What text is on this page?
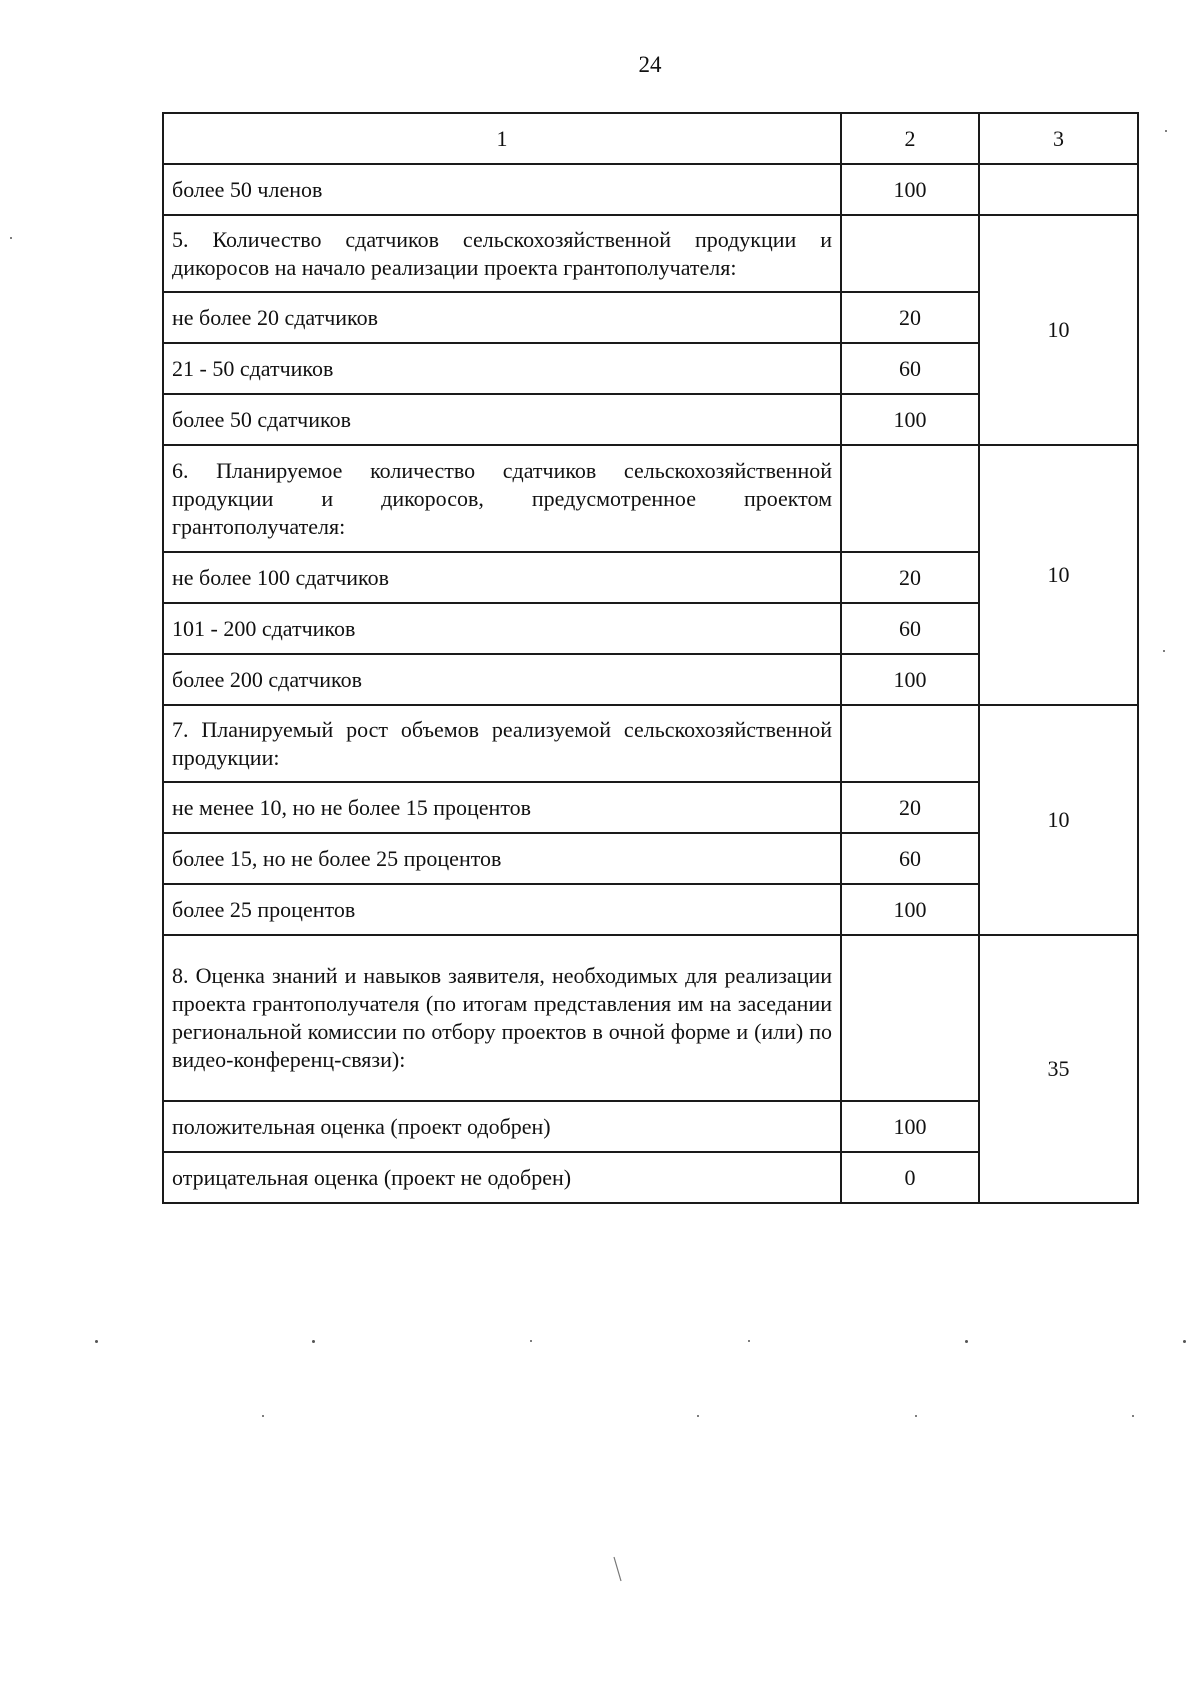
24
1	2	3
более 50 членов	100	
5. Количество сдатчиков сельскохозяйственной продукции и дикоросов на начало реализации проекта грантополучателя:		10
не более 20 сдатчиков	20	
21 - 50 сдатчиков	60	
более 50 сдатчиков	100	
6. Планируемое количество сдатчиков сельскохозяйственной продукции и дикоросов, предусмотренное проектом грантополучателя:		10
не более 100 сдатчиков	20	
101 - 200 сдатчиков	60	
более 200 сдатчиков	100	
7. Планируемый рост объемов реализуемой сельскохозяйственной продукции:		10
не менее 10, но не более 15 процентов	20	
более 15, но не более 25 процентов	60	
более 25 процентов	100	
8. Оценка знаний и навыков заявителя, необходимых для реализации проекта грантополучателя (по итогам представления им на заседании региональной комиссии по отбору проектов в очной форме и (или) по видео-конференц-связи):		35
положительная оценка (проект одобрен)	100	
отрицательная оценка (проект не одобрен)	0	
